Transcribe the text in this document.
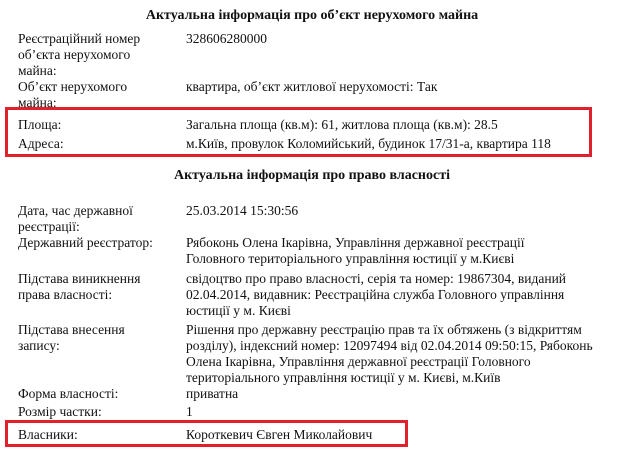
Актуальна інформація про об’єкт нерухомого майна
Реєстраційний номер об’єкта нерухомого майна:
328606280000
Об’єкт нерухомого майна:
квартира, об’єкт житлової нерухомості: Так
Площа:	Загальна площа (кв.м): 61, житлова площа (кв.м): 28.5
Адреса:	м.Київ, провулок Коломийський, будинок 17/31-а, квартира 118
Актуальна інформація про право власності
Дата, час державної реєстрації:
25.03.2014 15:30:56
Державний реєстратор:	Рябоконь Олена Ікарівна, Управління державної реєстрації Головного територіального управління юстиції у м.Києві
Підстава виникнення права власності:
свідоцтво про право власності, серія та номер: 19867304, виданий 02.04.2014, видавник: Реєстраційна служба Головного управління юстиції у м. Києві
Підстава внесення запису:
Рішення про державну реєстрацію прав та їх обтяжень (з відкриттям розділу), індексний номер: 12097494 від 02.04.2014 09:50:15, Рябоконь Олена Ікарівна, Управління державної реєстрації Головного територіального управління юстиції у м. Києві, м.Київ
Форма власності:	приватна
Розмір частки:	1
Власники:	Короткевич Євген Миколайович
